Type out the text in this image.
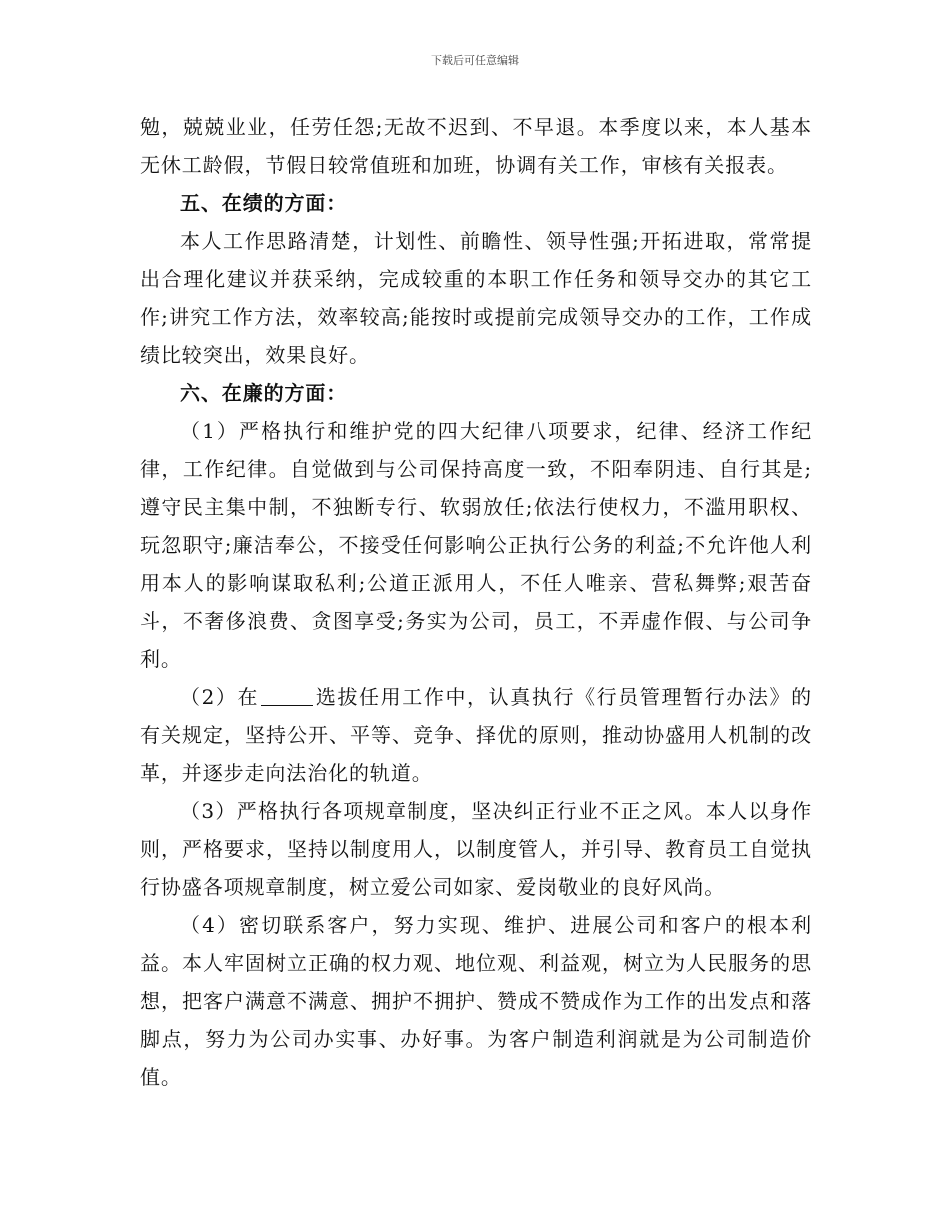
下载后可任意编辑

勉，兢兢业业，任劳任怨;无故不迟到、不早退。本季度以来，本人基本无休工龄假，节假日较常值班和加班，协调有关工作，审核有关报表。

五、在绩的方面：

本人工作思路清楚，计划性、前瞻性、领导性强;开拓进取，常常提出合理化建议并获采纳，完成较重的本职工作任务和领导交办的其它工作;讲究工作方法，效率较高;能按时或提前完成领导交办的工作，工作成绩比较突出，效果良好。

六、在廉的方面：

（1）严格执行和维护党的四大纪律八项要求，纪律、经济工作纪律，工作纪律。自觉做到与公司保持高度一致，不阳奉阴违、自行其是;遵守民主集中制，不独断专行、软弱放任;依法行使权力，不滥用职权、玩忽职守;廉洁奉公，不接受任何影响公正执行公务的利益;不允许他人利用本人的影响谋取私利;公道正派用人，不任人唯亲、营私舞弊;艰苦奋斗，不奢侈浪费、贪图享受;务实为公司，员工，不弄虚作假、与公司争利。

（2）在	选拔任用工作中，认真执行《行员管理暂行办法》的有关规定，坚持公开、平等、竞争、择优的原则，推动协盛用人机制的改革，并逐步走向法治化的轨道。

（3）严格执行各项规章制度，坚决纠正行业不正之风。本人以身作则，严格要求，坚持以制度用人，以制度管人，并引导、教育员工自觉执行协盛各项规章制度，树立爱公司如家、爱岗敬业的良好风尚。

（4）密切联系客户，努力实现、维护、进展公司和客户的根本利益。本人牢固树立正确的权力观、地位观、利益观，树立为人民服务的思想，把客户满意不满意、拥护不拥护、赞成不赞成作为工作的出发点和落脚点，努力为公司办实事、办好事。为客户制造利润就是为公司制造价值。
